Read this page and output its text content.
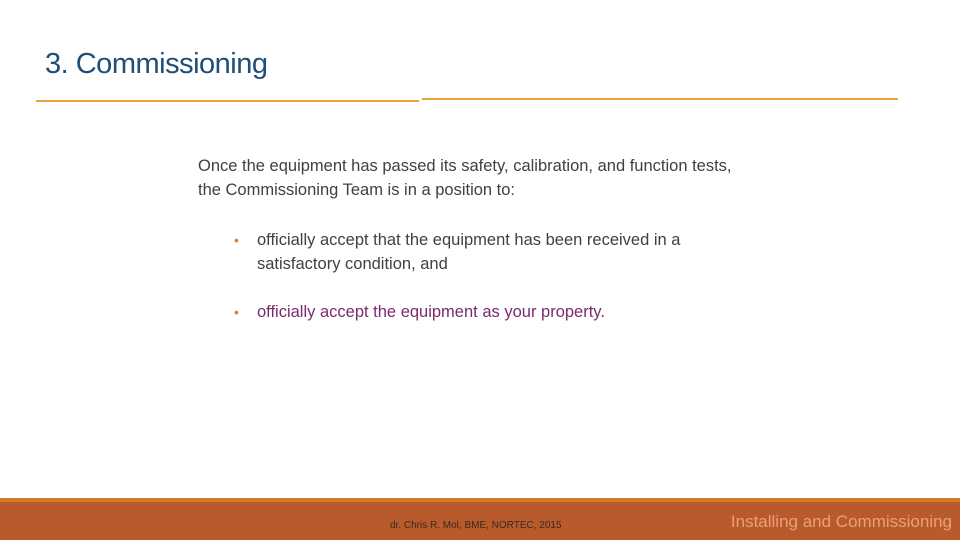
3. Commissioning
Once the equipment has passed its safety, calibration, and function tests, the Commissioning Team is in a position to:
•	officially accept that the equipment has been received in a satisfactory condition, and
•	officially accept the equipment as your property.
dr. Chris R. Mol, BME, NORTEC, 2015	Installing and Commissioning
